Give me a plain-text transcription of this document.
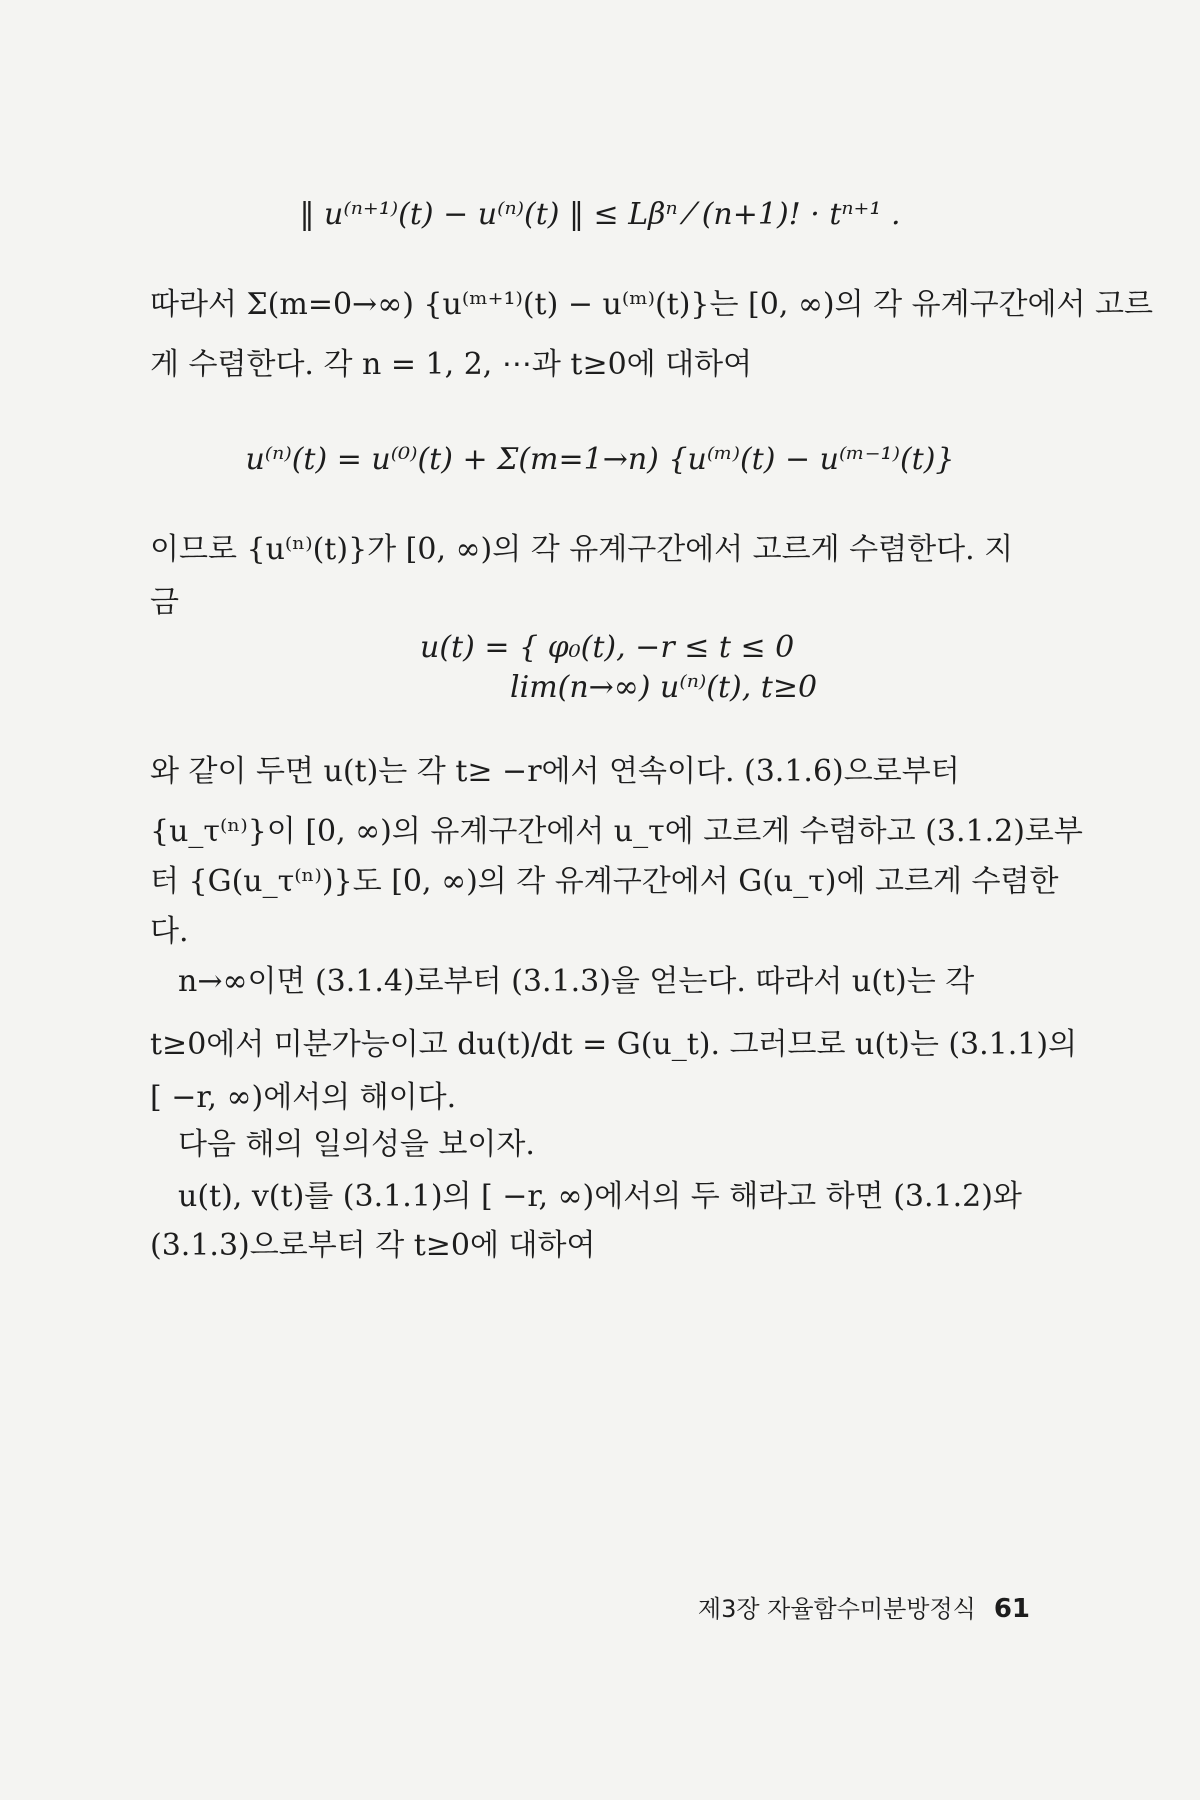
‖ u⁽ⁿ⁺¹⁾(t) − u⁽ⁿ⁾(t) ‖ ≤ Lβⁿ ⁄ (n+1)! · tⁿ⁺¹ .
따라서 Σ(m=0→∞) {u⁽ᵐ⁺¹⁾(t) − u⁽ᵐ⁾(t)}는 [0, ∞)의 각 유계구간에서 고르
게 수렴한다. 각 n = 1, 2, ⋯과 t≥0에 대하여
u⁽ⁿ⁾(t) = u⁽⁰⁾(t) + Σ(m=1→n) {u⁽ᵐ⁾(t) − u⁽ᵐ⁻¹⁾(t)}
이므로 {u⁽ⁿ⁾(t)}가 [0, ∞)의 각 유계구간에서 고르게 수렴한다. 지
금
u(t) = { φ₀(t), −r ≤ t ≤ 0
lim(n→∞) u⁽ⁿ⁾(t), t≥0
와 같이 두면 u(t)는 각 t≥ −r에서 연속이다. (3.1.6)으로부터
{u_τ⁽ⁿ⁾}이 [0, ∞)의 유계구간에서 u_τ에 고르게 수렴하고 (3.1.2)로부
터 {G(u_τ⁽ⁿ⁾)}도 [0, ∞)의 각 유계구간에서 G(u_τ)에 고르게 수렴한
다.
n→∞이면 (3.1.4)로부터 (3.1.3)을 얻는다. 따라서 u(t)는 각
t≥0에서 미분가능이고 du(t)/dt = G(u_t). 그러므로 u(t)는 (3.1.1)의
[ −r, ∞)에서의 해이다.
다음 해의 일의성을 보이자.
u(t), v(t)를 (3.1.1)의 [ −r, ∞)에서의 두 해라고 하면 (3.1.2)와
(3.1.3)으로부터 각 t≥0에 대하여
제3장 자율함수미분방정식 61
